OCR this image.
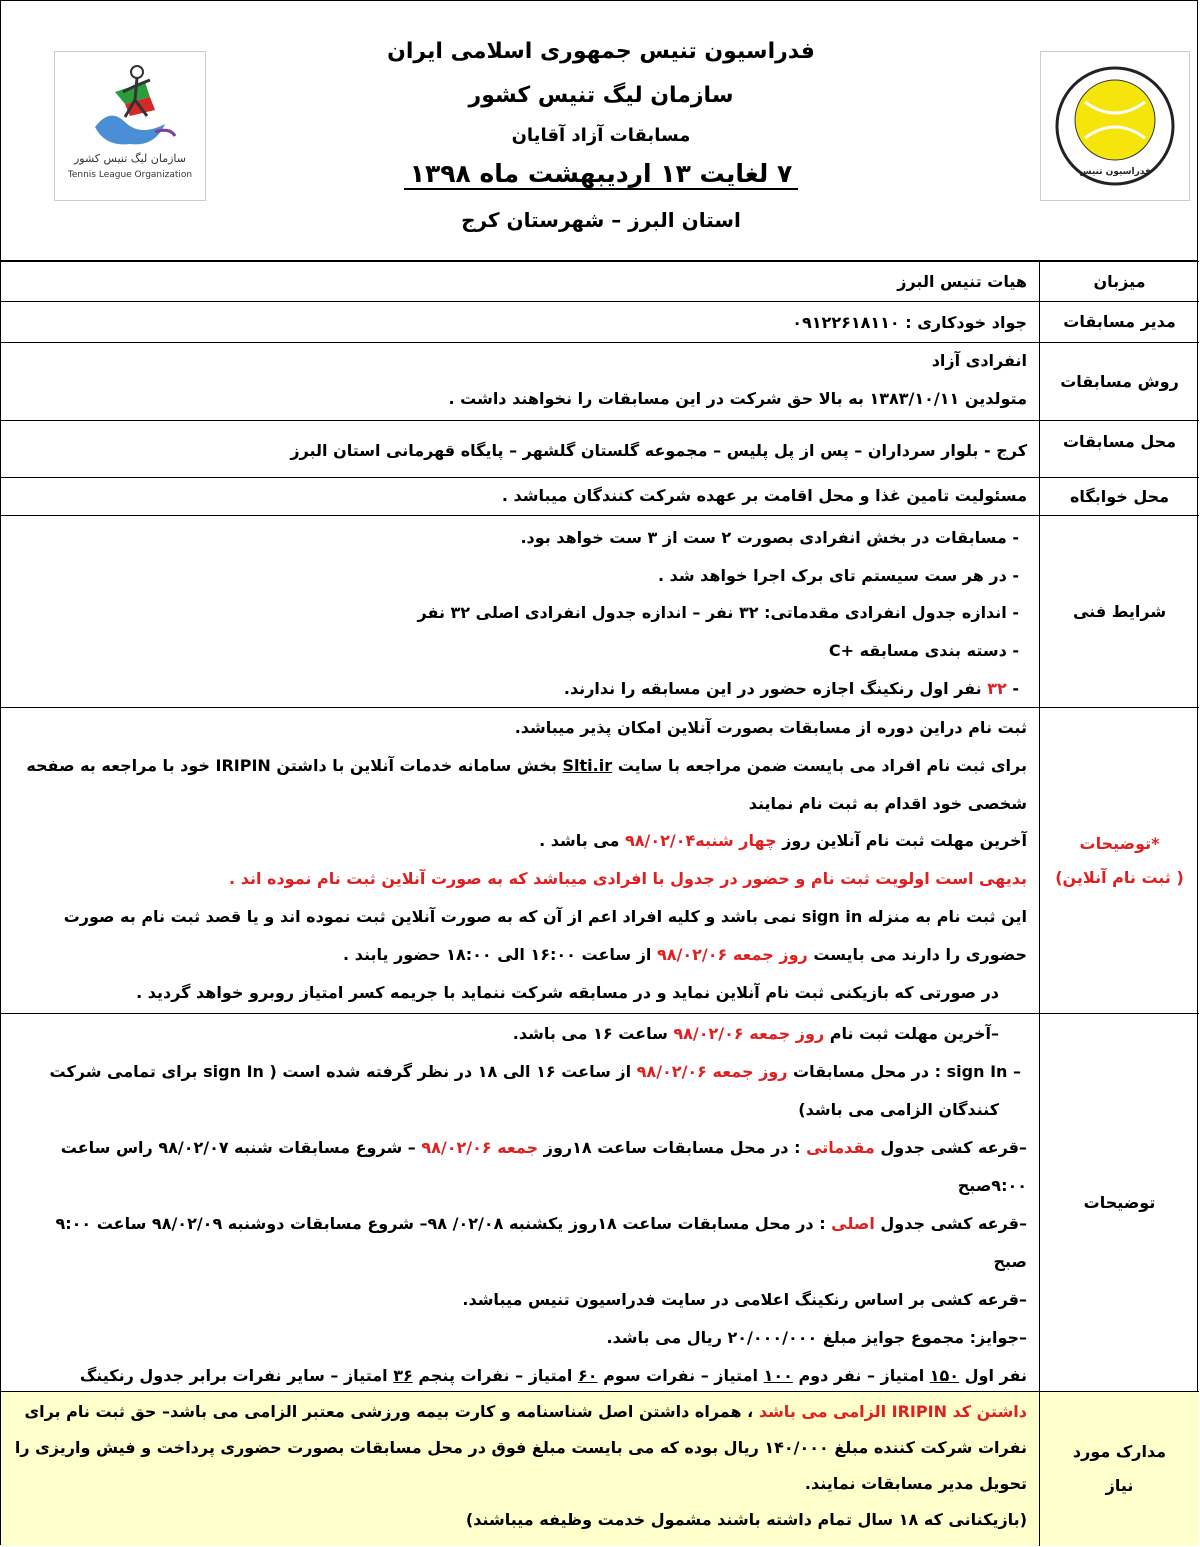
سازمان لیگ تنیس کشور
Tennis League Organization
فدراسیون تنیس جمهوری اسلامی ایران
سازمان لیگ تنیس کشور
مسابقات آزاد آقایان
۷ لغایت ۱۳ اردیبهشت ماه ۱۳۹۸
استان البرز – شهرستان کرج
فدراسیون تنیس
میزبان
هیات تنیس البرز
مدیر مسابقات
جواد خودکاری : ۰۹۱۲۲۶۱۸۱۱۰
روش مسابقات
انفرادی آزاد
متولدین ۱۳۸۳/۱۰/۱۱ به بالا حق شرکت در این مسابقات را نخواهند داشت .
محل مسابقات
کرج - بلوار سرداران – پس از پل پلیس – مجموعه گلستان گلشهر – پایگاه قهرمانی استان البرز
محل خوابگاه
مسئولیت تامین غذا و محل اقامت بر عهده شرکت کنندگان میباشد .
شرایط فنی
- مسابقات در بخش انفرادی بصورت ۲ ست از ۳ ست خواهد بود.
- در هر ست سیستم تای برک اجرا خواهد شد .
- اندازه جدول انفرادی مقدماتی: ۳۲ نفر – اندازه جدول انفرادی اصلی ۳۲ نفر
- دسته بندی مسابقه +C
- ۳۲ نفر اول رنکینگ اجازه حضور در این مسابقه را ندارند.
*توضیحات
( ثبت نام آنلاین)
ثبت نام دراین دوره از مسابقات بصورت آنلاین امکان پذیر میباشد.
برای ثبت نام افراد می بایست ضمن مراجعه با سایت Slti.ir بخش سامانه خدمات آنلاین با داشتن IRIPIN خود با مراجعه به صفحه
شخصی خود اقدام به ثبت نام نمایند
آخرین مهلت ثبت نام آنلاین روز چهار شنبه۹۸/۰۲/۰۴ می باشد .
بدیهی است اولویت ثبت نام و حضور در جدول با افرادی میباشد که به صورت آنلاین ثبت نام نموده اند .
این ثبت نام به منزله sign in نمی باشد و کلیه افراد اعم از آن که به صورت آنلاین ثبت نموده اند و یا قصد ثبت نام به صورت
حضوری را دارند می بایست روز جمعه ۹۸/۰۲/۰۶ از ساعت ۱۶:۰۰ الی ۱۸:۰۰ حضور یابند .
در صورتی که بازیکنی ثبت نام آنلاین نماید و در مسابقه شرکت ننماید با جریمه کسر امتیاز روبرو خواهد گردید .
توضیحات
–آخرین مهلت ثبت نام روز جمعه ۹۸/۰۲/۰۶ ساعت ۱۶ می باشد.
– sign In : در محل مسابقات روز جمعه ۹۸/۰۲/۰۶ از ساعت ۱۶ الی ۱۸ در نظر گرفته شده است ( sign In برای تمامی شرکت
کنندگان الزامی می باشد)
–قرعه کشی جدول مقدماتی : در محل مسابقات ساعت ۱۸روز جمعه ۹۸/۰۲/۰۶ – شروع مسابقات شنبه ۹۸/۰۲/۰۷ راس ساعت
۹:۰۰صبح
–قرعه کشی جدول اصلی : در محل مسابقات ساعت ۱۸روز یکشنبه ۰۲/۰۸/ ۹۸– شروع مسابقات دوشنبه ۹۸/۰۲/۰۹ ساعت ۹:۰۰
صبح
–قرعه کشی بر اساس رنکینگ اعلامی در سایت فدراسیون تنیس میباشد.
–جوایز: مجموع جوایز مبلغ ۲۰/۰۰۰/۰۰۰ ریال می باشد.
نفر اول ۱۵۰ امتیاز – نفر دوم ۱۰۰ امتیاز – نفرات سوم ۶۰ امتیاز – نفرات پنجم ۳۶ امتیاز – سایر نفرات برابر جدول رنکینگ
مدارک مورد
نیاز
داشتن کد IRIPIN الزامی می باشد ، همراه داشتن اصل شناسنامه و کارت بیمه ورزشی معتبر الزامی می باشد– حق ثبت نام برای
نفرات شرکت کننده مبلغ ۱۴۰/۰۰۰ ریال بوده که می بایست مبلغ فوق در محل مسابقات بصورت حضوری پرداخت و فیش واریزی را
تحویل مدیر مسابقات نمایند.
(بازیکنانی که ۱۸ سال تمام داشته باشند مشمول خدمت وظیفه میباشند)
